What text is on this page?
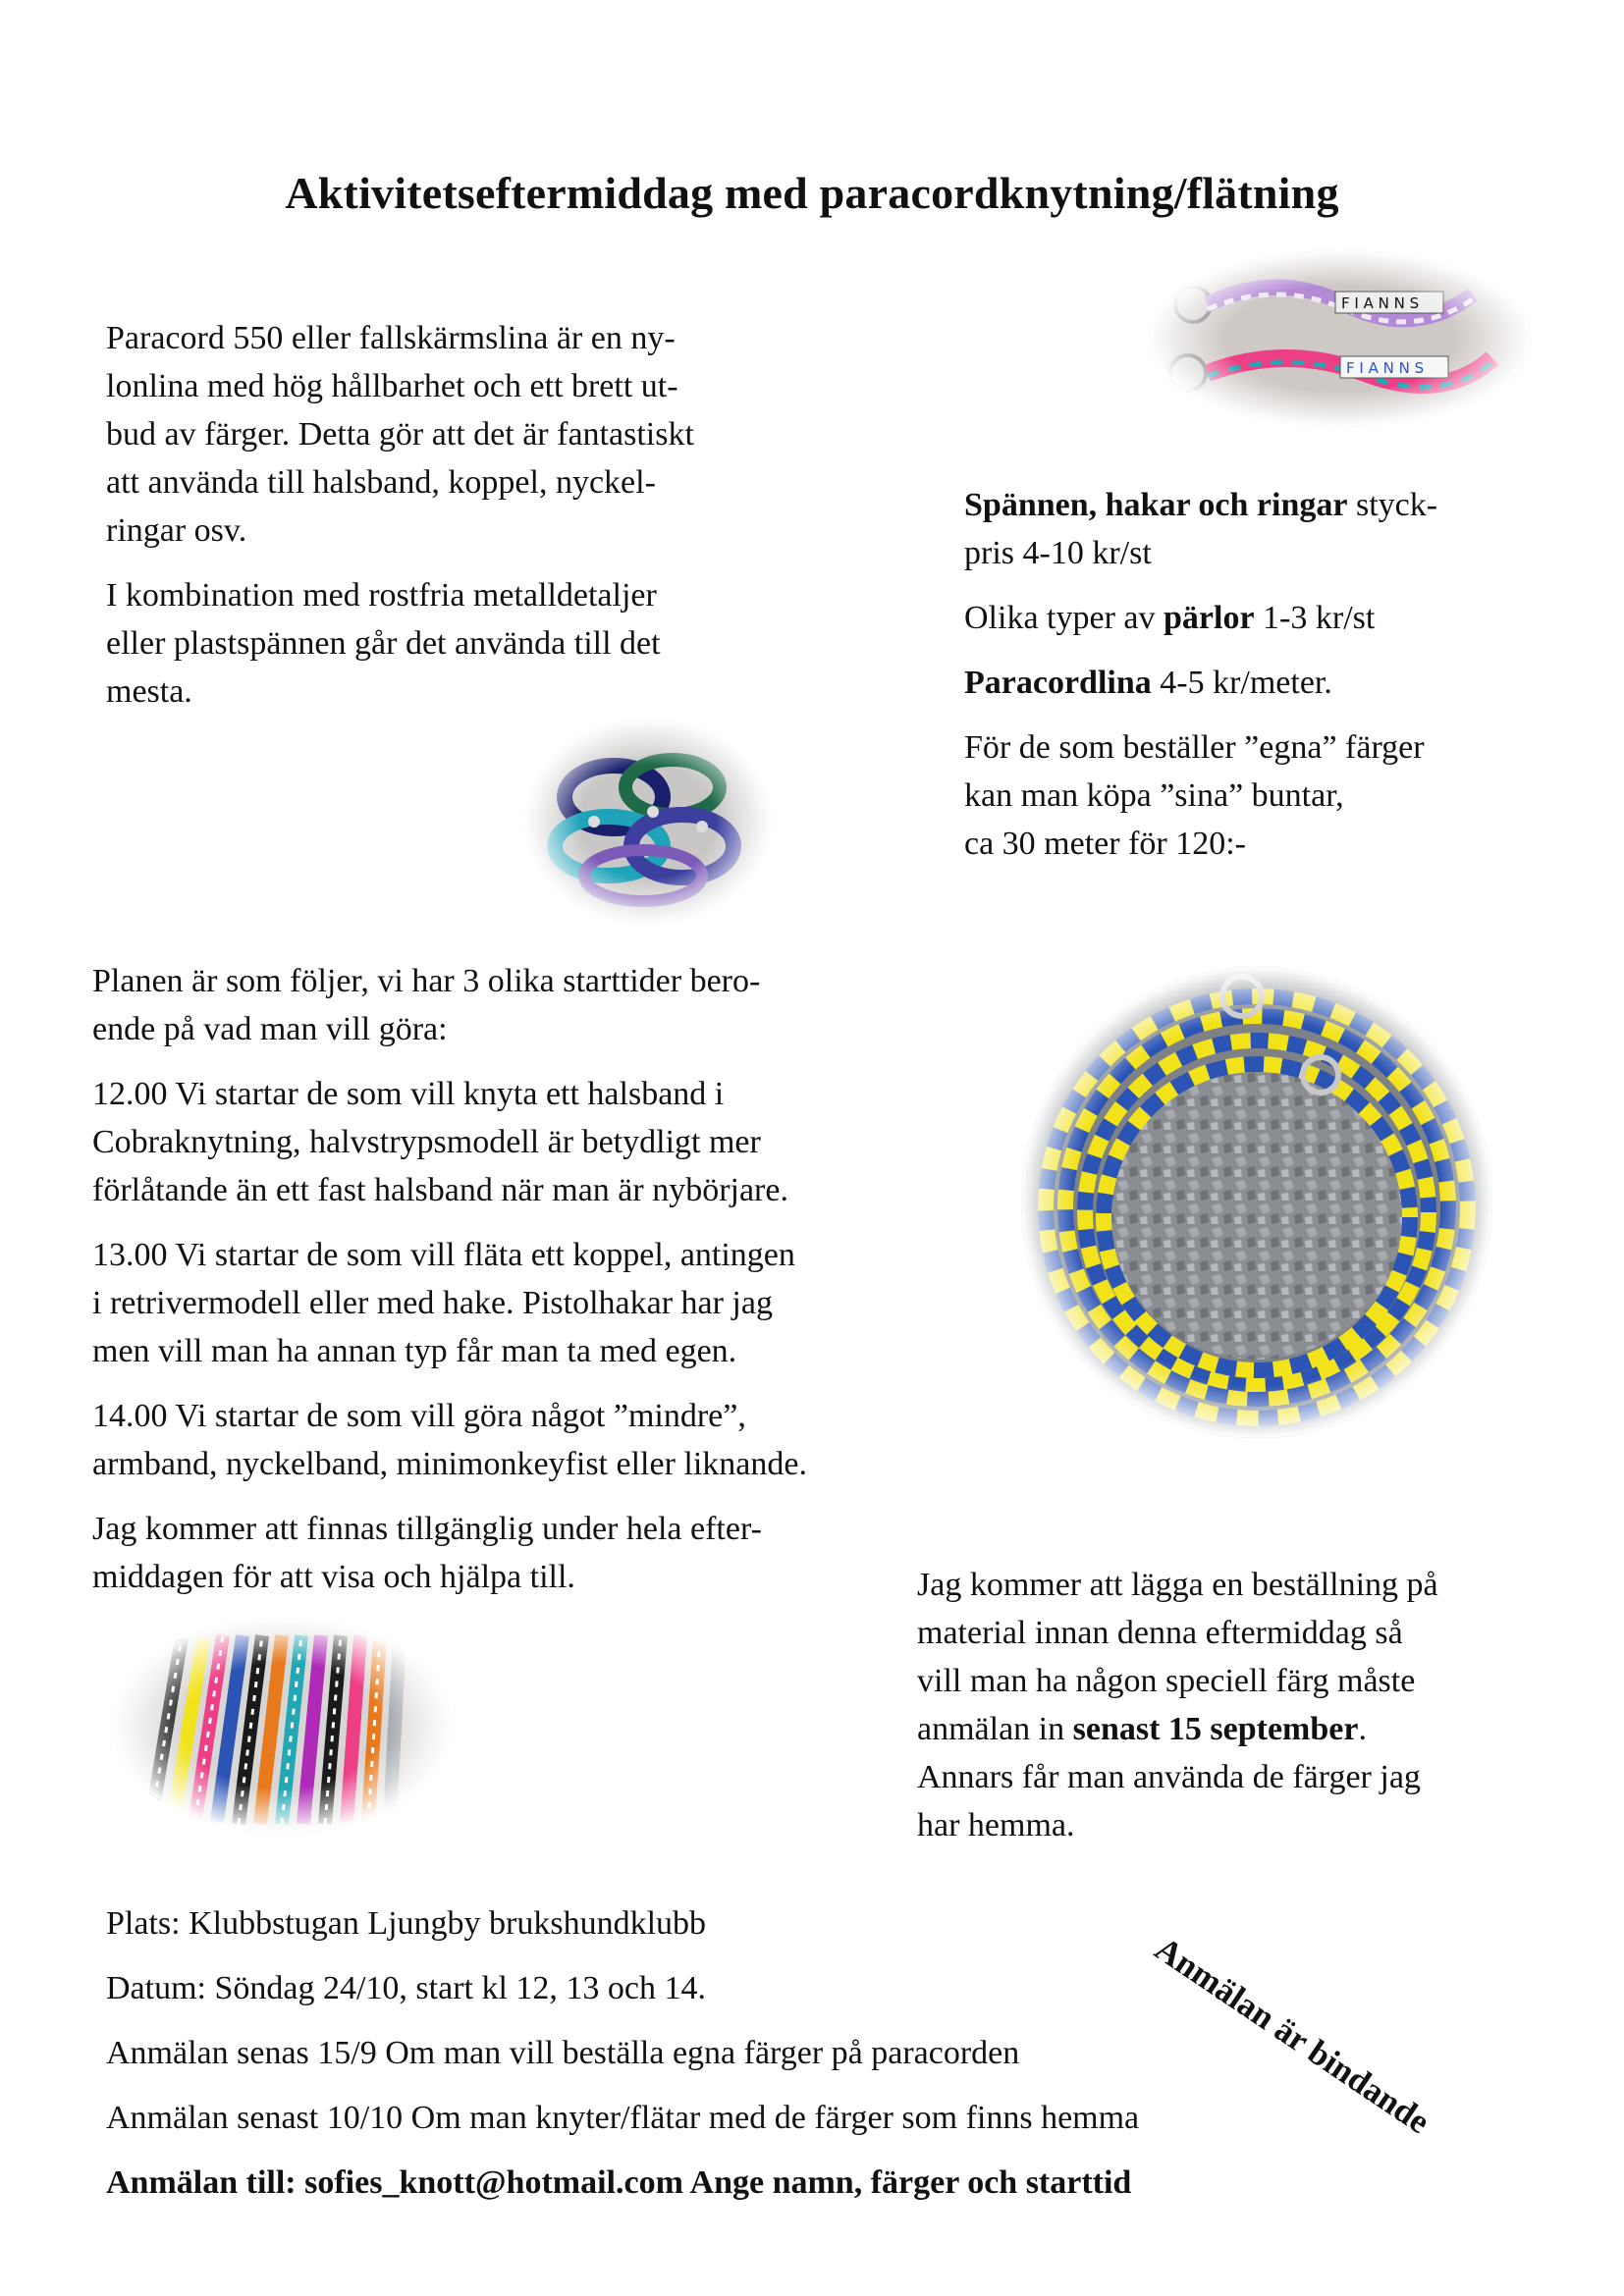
Aktivitetseftermiddag med paracordknytning/flätning

Paracord 550 eller fallskärmslina är en ny-
lonlina med hög hållbarhet och ett brett ut-
bud av färger. Detta gör att det är fantastiskt
att använda till halsband, koppel, nyckel-
ringar osv.

I kombination med rostfria metalldetaljer
eller plastspännen går det använda till det
mesta.

Spännen, hakar och ringar styck-
pris 4-10 kr/st

Olika typer av pärlor 1-3 kr/st

Paracordlina 4-5 kr/meter.

För de som beställer ”egna” färger
kan man köpa ”sina” buntar,
ca 30 meter för 120:-

Planen är som följer, vi har 3 olika starttider bero-
ende på vad man vill göra:

12.00 Vi startar de som vill knyta ett halsband i
Cobraknytning, halvstrypsmodell är betydligt mer
förlåtande än ett fast halsband när man är nybörjare.

13.00 Vi startar de som vill fläta ett koppel, antingen
i retrivermodell eller med hake. Pistolhakar har jag
men vill man ha annan typ får man ta med egen.

14.00 Vi startar de som vill göra något ”mindre”,
armband, nyckelband, minimonkeyfist eller liknande.

Jag kommer att finnas tillgänglig under hela efter-
middagen för att visa och hjälpa till.	Jag kommer att lägga en beställning på
material innan denna eftermiddag så
vill man ha någon speciell färg måste
anmälan in senast 15 september.
Annars får man använda de färger jag
har hemma.

Plats: Klubbstugan Ljungby brukshundklubb

Datum: Söndag 24/10, start kl 12, 13 och 14.

Anmälan senas 15/9 Om man vill beställa egna färger på paracorden

Anmälan senast 10/10 Om man knyter/flätar med de färger som finns hemma

Anmälan till: sofies_knott@hotmail.com Ange namn, färger och starttid

Anmälan är bindande
